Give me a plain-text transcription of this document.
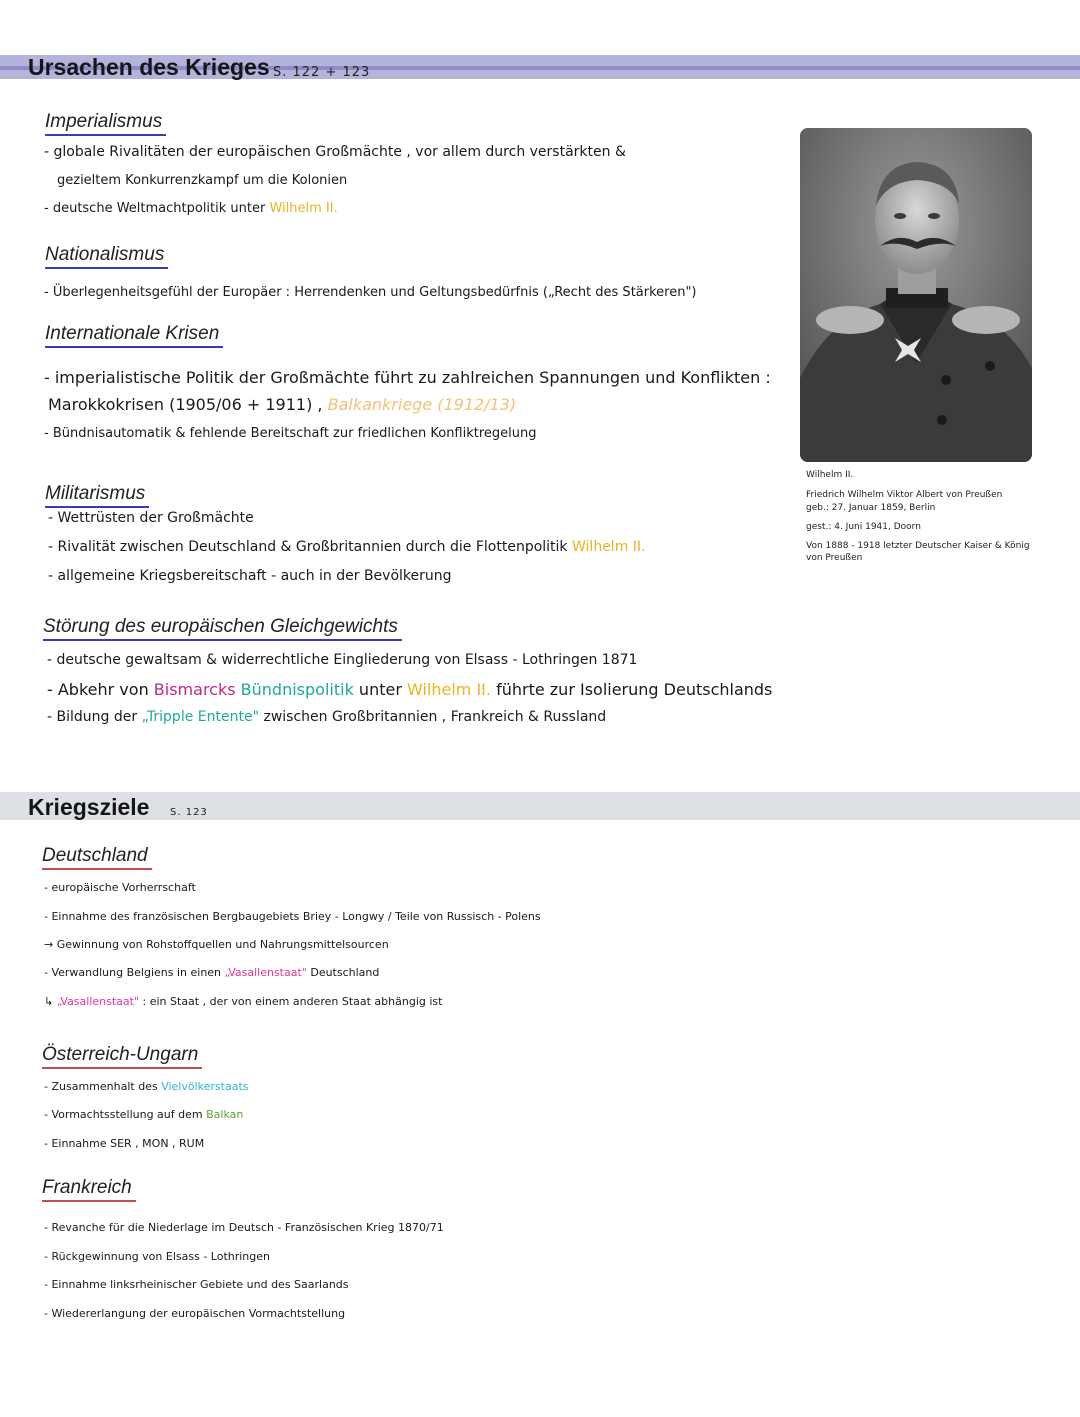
Ursachen des Krieges S. 122 + 123
Imperialismus
- globale Rivalitäten der europäischen Großmächte , vor allem durch verstärkten &
gezieltem Konkurrenzkampf um die Kolonien
- deutsche Weltmachtpolitik unter Wilhelm II.
Nationalismus
- Überlegenheitsgefühl der Europäer : Herrendenken und Geltungsbedürfnis („Recht des Stärkeren")
Internationale Krisen
- imperialistische Politik der Großmächte führt zu zahlreichen Spannungen und Konflikten :
Marokkokrisen (1905/06 + 1911) , Balkankriege (1912/13)
- Bündnisautomatik & fehlende Bereitschaft zur friedlichen Konfliktregelung
Militarismus
- Wettrüsten der Großmächte
- Rivalität zwischen Deutschland & Großbritannien durch die Flottenpolitik Wilhelm II.
- allgemeine Kriegsbereitschaft - auch in der Bevölkerung
Störung des europäischen Gleichgewichts
- deutsche gewaltsam & widerrechtliche Eingliederung von Elsass - Lothringen 1871
- Abkehr von Bismarcks Bündnispolitik unter Wilhelm II. führte zur Isolierung Deutschlands
- Bildung der „Tripple Entente" zwischen Großbritannien , Frankreich & Russland
Wilhelm II.
Friedrich Wilhelm Viktor Albert von Preußen
geb.: 27. Januar 1859, Berlin
gest.: 4. Juni 1941, Doorn
Von 1888 - 1918 letzter Deutscher Kaiser & König
von Preußen
Kriegsziele S. 123
Deutschland
- europäische Vorherrschaft
- Einnahme des französischen Bergbaugebiets Briey - Longwy / Teile von Russisch - Polens
→ Gewinnung von Rohstoffquellen und Nahrungsmittelsourcen
- Verwandlung Belgiens in einen „Vasallenstaat" Deutschland
↳ „Vasallenstaat" : ein Staat , der von einem anderen Staat abhängig ist
Österreich-Ungarn
- Zusammenhalt des Vielvölkerstaats
- Vormachtsstellung auf dem Balkan
- Einnahme SER , MON , RUM
Frankreich
- Revanche für die Niederlage im Deutsch - Französischen Krieg 1870/71
- Rückgewinnung von Elsass - Lothringen
- Einnahme linksrheinischer Gebiete und des Saarlands
- Wiedererlangung der europäischen Vormachtstellung
